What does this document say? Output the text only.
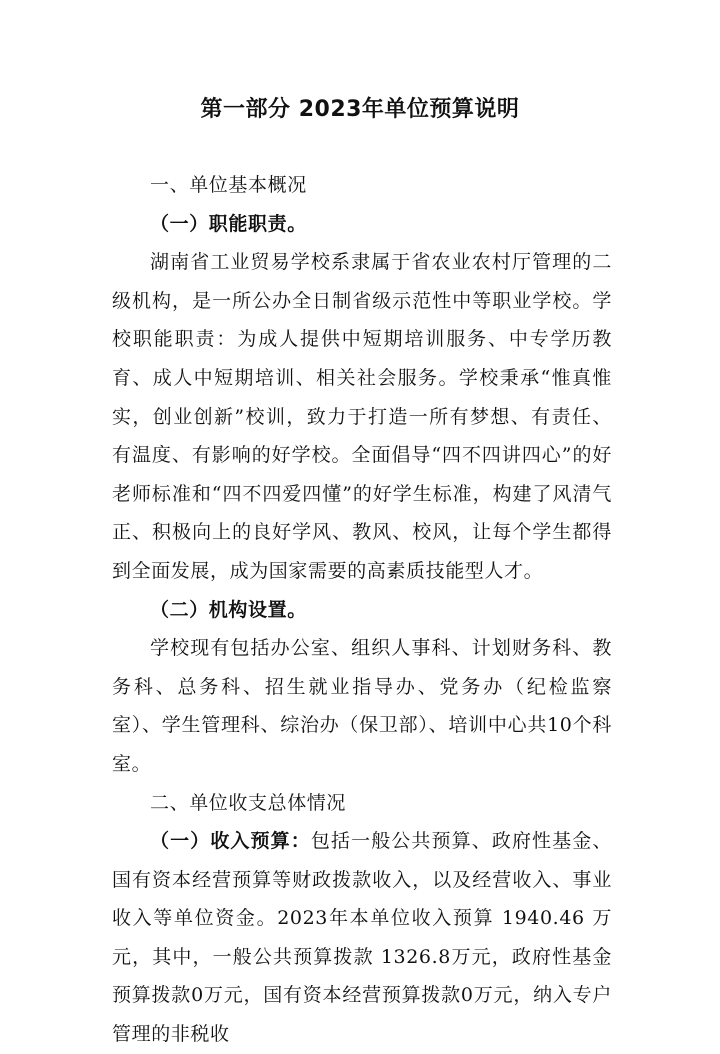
第一部分 2023年单位预算说明

一、单位基本概况

（一）职能职责。

湖南省工业贸易学校系隶属于省农业农村厅管理的二级机构，是一所公办全日制省级示范性中等职业学校。学校职能职责：为成人提供中短期培训服务、中专学历教育、成人中短期培训、相关社会服务。学校秉承“惟真惟实，创业创新”校训，致力于打造一所有梦想、有责任、有温度、有影响的好学校。全面倡导“四不四讲四心”的好老师标准和“四不四爱四懂”的好学生标准，构建了风清气正、积极向上的良好学风、教风、校风，让每个学生都得到全面发展，成为国家需要的高素质技能型人才。

（二）机构设置。

学校现有包括办公室、组织人事科、计划财务科、教务科、总务科、招生就业指导办、党务办（纪检监察室）、学生管理科、综治办（保卫部）、培训中心共10个科室。

二、单位收支总体情况

（一）收入预算：包括一般公共预算、政府性基金、国有资本经营预算等财政拨款收入，以及经营收入、事业收入等单位资金。2023年本单位收入预算 1940.46 万元，其中，一般公共预算拨款 1326.8万元，政府性基金预算拨款0万元，国有资本经营预算拨款0万元，纳入专户管理的非税收
